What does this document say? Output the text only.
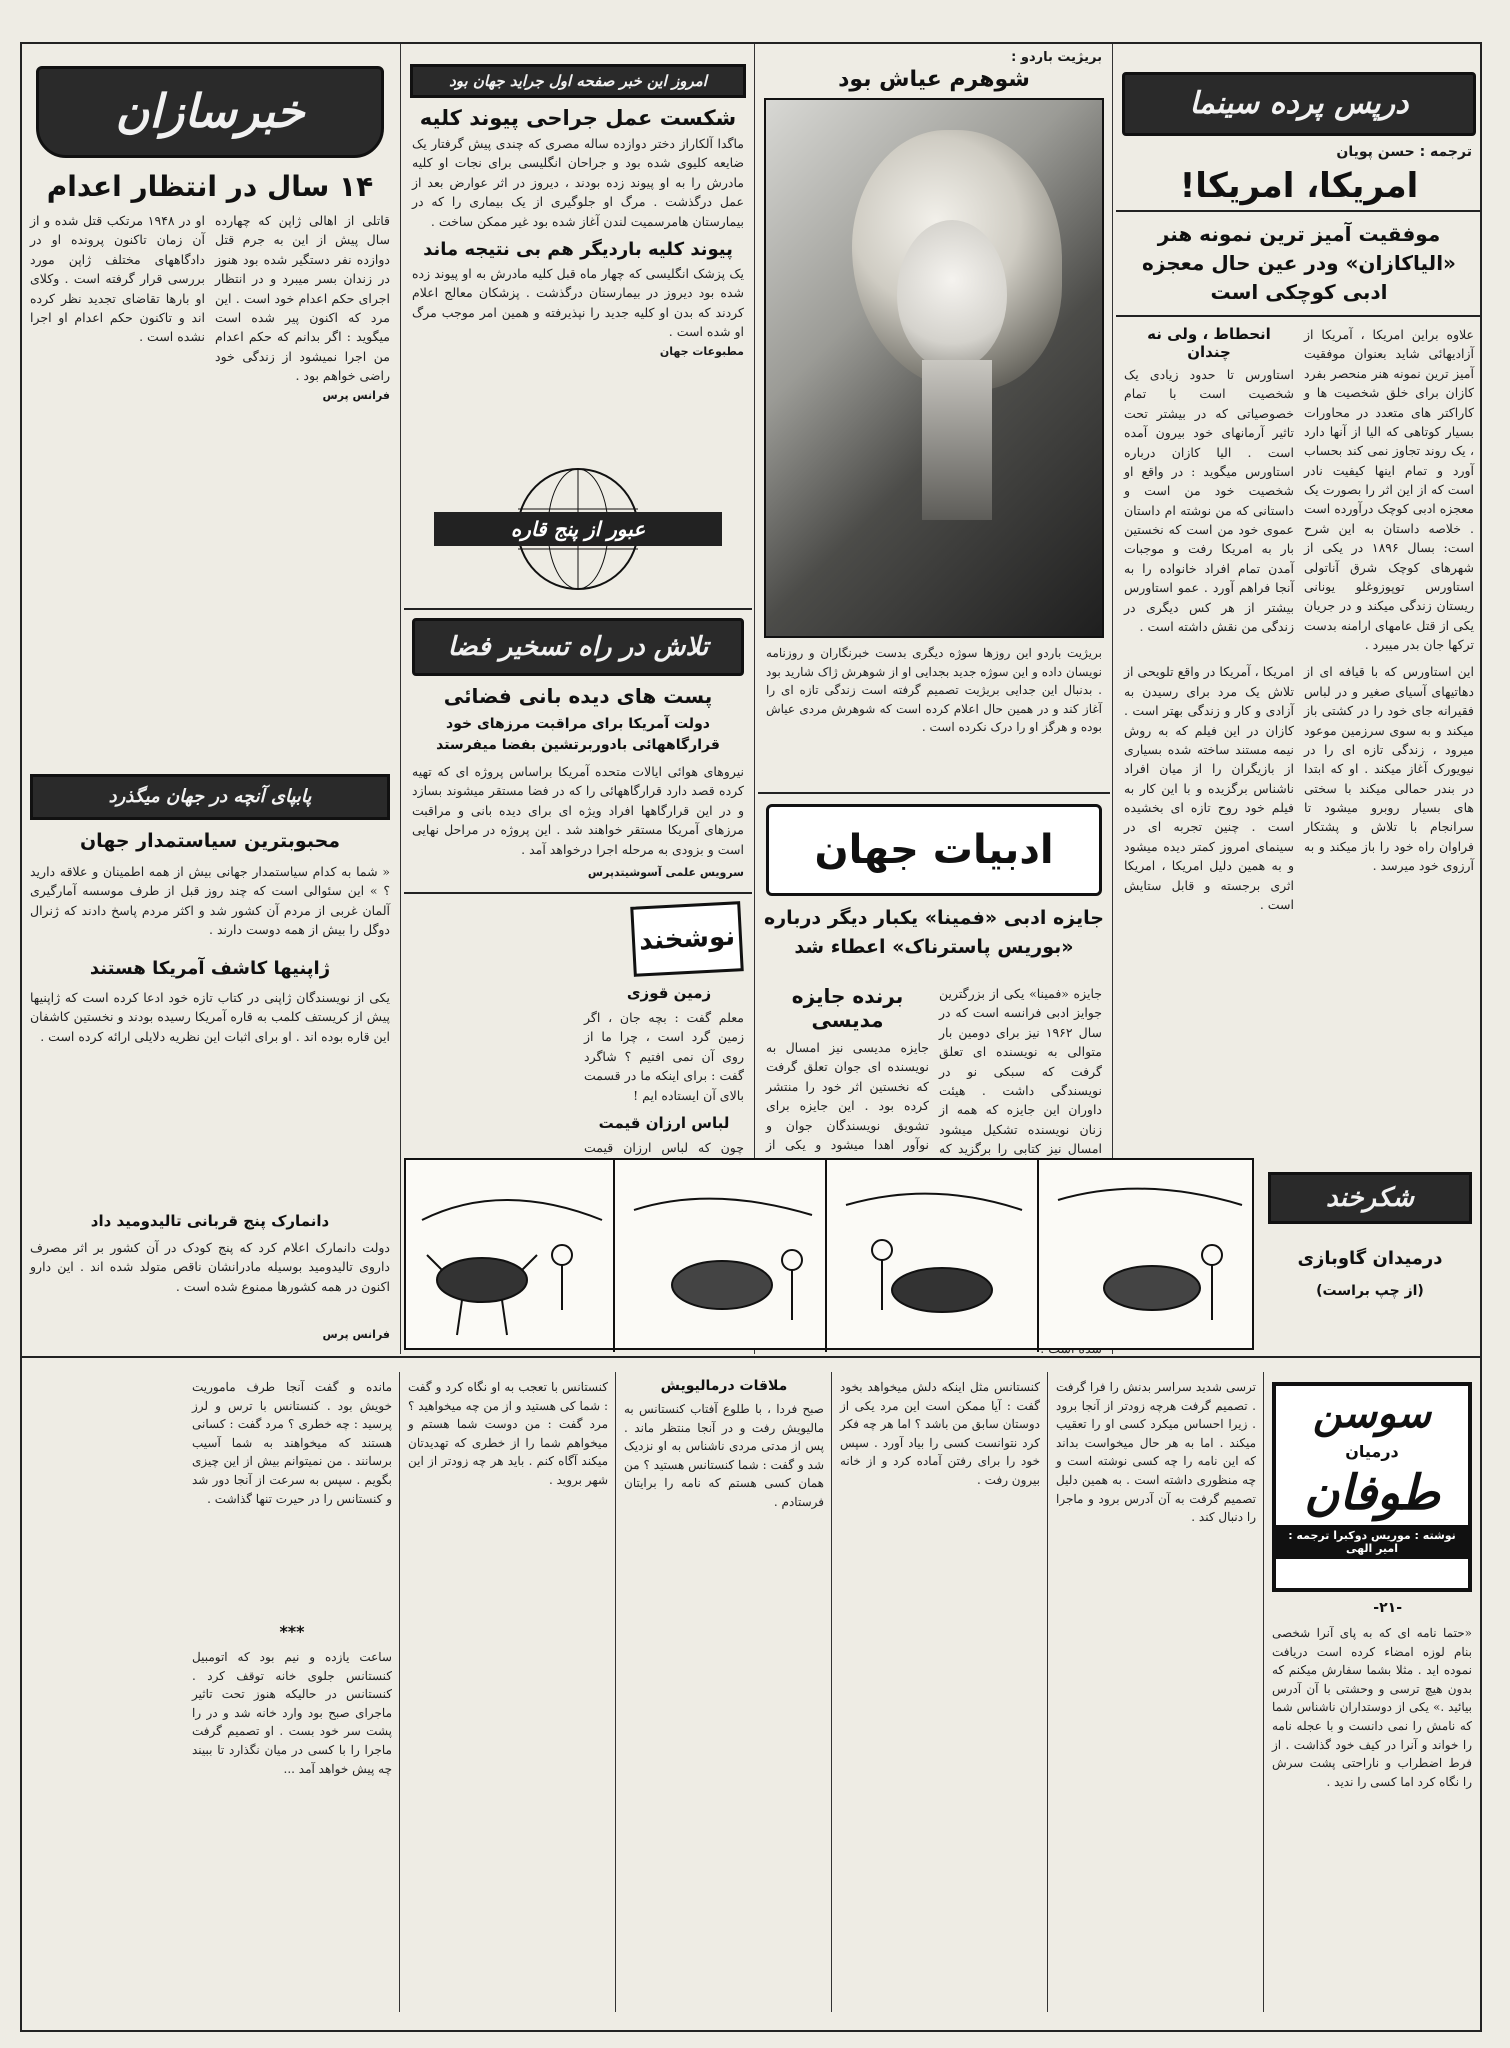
درپس پرده سینما
ترجمه : حسن پویان
امریکا، امریکا!
موفقیت آمیز ترین نمونه هنر «الیاکازان» ودر عین حال معجزه ادبی کوچکی است
علاوه براین امریکا ، آمریکا از آزادیهائی شاید بعنوان موفقیت آمیز ترین نمونه هنر منحصر بفرد کازان برای خلق شخصیت ها و کاراکتر های متعدد در محاورات بسیار کوتاهی که الیا از آنها دارد ، یک روند تجاوز نمی کند بحساب آورد و تمام اینها کیفیت نادر است که از این اثر را بصورت یک معجزه ادبی کوچک درآورده است . خلاصه داستان به این شرح است: بسال ۱۸۹۶ در یکی از شهرهای کوچک شرق آناتولی استاورس توپوزوغلو یونانی ریستان زندگی میکند و در جریان یکی از قتل عامهای ارامنه بدست ترکها جان بدر میبرد .
انحطاط ، ولی نه چندان
استاورس تا حدود زیادی یک شخصیت است با تمام خصوصیاتی که در بیشتر تحت تاثیر آرمانهای خود بیرون آمده است . الیا کازان درباره استاورس میگوید : در واقع او شخصیت خود من است و داستانی که من نوشته ام داستان عموی خود من است که نخستین بار به امریکا رفت و موجبات آمدن تمام افراد خانواده را به آنجا فراهم آورد . عمو استاورس بیشتر از هر کس دیگری در زندگی من نقش داشته است .
این استاورس که با قیافه ای از دهاتیهای آسیای صغیر و در لباس فقیرانه جای خود را در کشتی باز میکند و به سوی سرزمین موعود میرود ، زندگی تازه ای را در نیویورک آغاز میکند . او که ابتدا در بندر حمالی میکند با سختی های بسیار روبرو میشود تا سرانجام با تلاش و پشتکار فراوان راه خود را باز میکند و به آرزوی خود میرسد .
امریکا ، آمریکا در واقع تلویحی از تلاش یک مرد برای رسیدن به آزادی و کار و زندگی بهتر است . کازان در این فیلم که به روش نیمه مستند ساخته شده بسیاری از بازیگران را از میان افراد ناشناس برگزیده و با این کار به فیلم خود روح تازه ای بخشیده است . چنین تجربه ای در سینمای امروز کمتر دیده میشود و به همین دلیل امریکا ، امریکا اثری برجسته و قابل ستایش است .
بریژیت باردو :
شوهرم عیاش بود
بریژیت باردو این روزها سوژه دیگری بدست خبرنگاران و روزنامه نویسان داده و این سوژه جدید بجدایی او از شوهرش ژاک شارید بود . بدنبال این جدایی بریژیت تصمیم گرفته است زندگی تازه ای را آغاز کند و در همین حال اعلام کرده است که شوهرش مردی عیاش بوده و هرگز او را درک نکرده است .
ادبیات جهان
جایزه ادبی «فمینا» یکبار دیگر درباره «بوریس پاسترناک» اعطاء شد
جایزه «فمینا» یکی از بزرگترین جوایز ادبی فرانسه است که در سال ۱۹۶۲ نیز برای دومین بار متوالی به نویسنده ای تعلق گرفت که سبکی نو در نویسندگی داشت . هیئت داوران این جایزه که همه از زنان نویسنده تشکیل میشود امسال نیز کتابی را برگزید که
برنده جایزه مدیسی
جایزه مدیسی نیز امسال به نویسنده ای جوان تعلق گرفت که نخستین اثر خود را منتشر کرده بود . این جایزه برای تشویق نویسندگان جوان و نوآور اهدا میشود و یکی از
امروز این خبر صفحه اول جراید جهان بود
شکست عمل جراحی پیوند کلیه
ماگدا آلکاراز دختر دوازده ساله مصری که چندی پیش گرفتار یک ضایعه کلیوی شده بود و جراحان انگلیسی برای نجات او کلیه مادرش را به او پیوند زده بودند ، دیروز در اثر عوارض بعد از عمل درگذشت . مرگ او جلوگیری از یک بیماری را که در بیمارستان هامرسمیت لندن آغاز شده بود غیر ممکن ساخت .
پیوند کلیه باردیگر هم بی نتیجه ماند
یک پزشک انگلیسی که چهار ماه قبل کلیه مادرش به او پیوند زده شده بود دیروز در بیمارستان درگذشت . پزشکان معالج اعلام کردند که بدن او کلیه جدید را نپذیرفته و همین امر موجب مرگ او شده است .
مطبوعات جهان
عبور از پنج قاره
تلاش در راه تسخیر فضا
پست های دیده بانی فضائی
دولت آمریکا برای مراقبت مرزهای خود قرارگاههائی بادوربرتشین بفضا میفرستد
نیروهای هوائی ایالات متحده آمریکا براساس پروژه ای که تهیه کرده قصد دارد قرارگاههائی را که در فضا مستقر میشوند بسازد و در این قرارگاهها افراد ویژه ای برای دیده بانی و مراقبت مرزهای آمریکا مستقر خواهند شد . این پروژه در مراحل نهایی است و بزودی به مرحله اجرا درخواهد آمد .
سرویس علمی آسوشیتدپرس
نوشخند
زمین قوزی
معلم گفت : بچه جان ، اگر زمین گرد است ، چرا ما از روی آن نمی افتیم ؟ شاگرد گفت : برای اینکه ما در قسمت بالای آن ایستاده ایم !
لباس ارزان قیمت
چون که لباس ارزان قیمت
خبرسازان
۱۴ سال در انتظار اعدام
قاتلی از اهالی ژاپن که چهارده سال پیش از این به جرم قتل دوازده نفر دستگیر شده بود هنوز در زندان بسر میبرد و در انتظار اجرای حکم اعدام خود است . این مرد که اکنون پیر شده است میگوید : اگر بدانم که حکم اعدام من اجرا نمیشود از زندگی خود راضی خواهم بود .
او در ۱۹۴۸ مرتکب قتل شده و از آن زمان تاکنون پرونده او در دادگاههای مختلف ژاپن مورد بررسی قرار گرفته است . وکلای او بارها تقاضای تجدید نظر کرده اند و تاکنون حکم اعدام او اجرا نشده است .
فرانس پرس
پابپای آنچه در جهان میگذرد
محبوبترین سیاستمدار جهان
« شما به کدام سیاستمدار جهانی بیش از همه اطمینان و علاقه دارید ؟ » این سئوالی است که چند روز قبل از طرف موسسه آمارگیری آلمان غربی از مردم آن کشور شد و اکثر مردم پاسخ دادند که ژنرال دوگل را بیش از همه دوست دارند .
ژاپنیها کاشف آمریکا هستند
یکی از نویسندگان ژاپنی در کتاب تازه خود ادعا کرده است که ژاپنیها پیش از کریستف کلمب به قاره آمریکا رسیده بودند و نخستین کاشفان این قاره بوده اند . او برای اثبات این نظریه دلایلی ارائه کرده است .
دانمارک پنج قربانی تالیدومید داد
دولت دانمارک اعلام کرد که پنج کودک در آن کشور بر اثر مصرف داروی تالیدومید بوسیله مادرانشان ناقص متولد شده اند . این دارو اکنون در همه کشورها ممنوع شده است .
فرانس پرس
شکرخند
درمیدان گاوبازی
(از چپ براست)
سوسن
درمیان
طوفان
نوشته : موریس دوکبرا ترجمه : امیر الهی
-۲۱-
«حتما نامه ای که به پای آنرا شخصی بنام لوزه امضاء کرده است دریافت نموده اید . مثلا بشما سفارش میکنم که بدون هیچ ترسی و وحشتی با آن آدرس بیائید .» یکی از دوستداران ناشناس شما که نامش را نمی دانست و با عجله نامه را خواند و آنرا در کیف خود گذاشت . از فرط اضطراب و ناراحتی پشت سرش را نگاه کرد اما کسی را ندید .
ترسی شدید سراسر بدنش را فرا گرفت . تصمیم گرفت هرچه زودتر از آنجا برود . زیرا احساس میکرد کسی او را تعقیب میکند . اما به هر حال میخواست بداند که این نامه را چه کسی نوشته است و چه منظوری داشته است . به همین دلیل تصمیم گرفت به آن آدرس برود و ماجرا را دنبال کند .
کنستانس مثل اینکه دلش میخواهد بخود گفت : آیا ممکن است این مرد یکی از دوستان سابق من باشد ؟ اما هر چه فکر کرد نتوانست کسی را بیاد آورد . سپس خود را برای رفتن آماده کرد و از خانه بیرون رفت .
ملاقات درمالیویش
صبح فردا ، با طلوع آفتاب کنستانس به مالیویش رفت و در آنجا منتظر ماند . پس از مدتی مردی ناشناس به او نزدیک شد و گفت : شما کنستانس هستید ؟ من همان کسی هستم که نامه را برایتان فرستادم .
کنستانس با تعجب به او نگاه کرد و گفت : شما کی هستید و از من چه میخواهید ؟ مرد گفت : من دوست شما هستم و میخواهم شما را از خطری که تهدیدتان میکند آگاه کنم . باید هر چه زودتر از این شهر بروید .
مانده و گفت آنجا طرف ماموریت خویش بود . کنستانس با ترس و لرز پرسید : چه خطری ؟ مرد گفت : کسانی هستند که میخواهند به شما آسیب برسانند . من نمیتوانم بیش از این چیزی بگویم . سپس به سرعت از آنجا دور شد و کنستانس را در حیرت تنها گذاشت .
***
ساعت یازده و نیم بود که اتومبیل کنستانس جلوی خانه توقف کرد . کنستانس در حالیکه هنوز تحت تاثیر ماجرای صبح بود وارد خانه شد و در را پشت سر خود بست . او تصمیم گرفت ماجرا را با کسی در میان نگذارد تا ببیند چه پیش خواهد آمد ...
